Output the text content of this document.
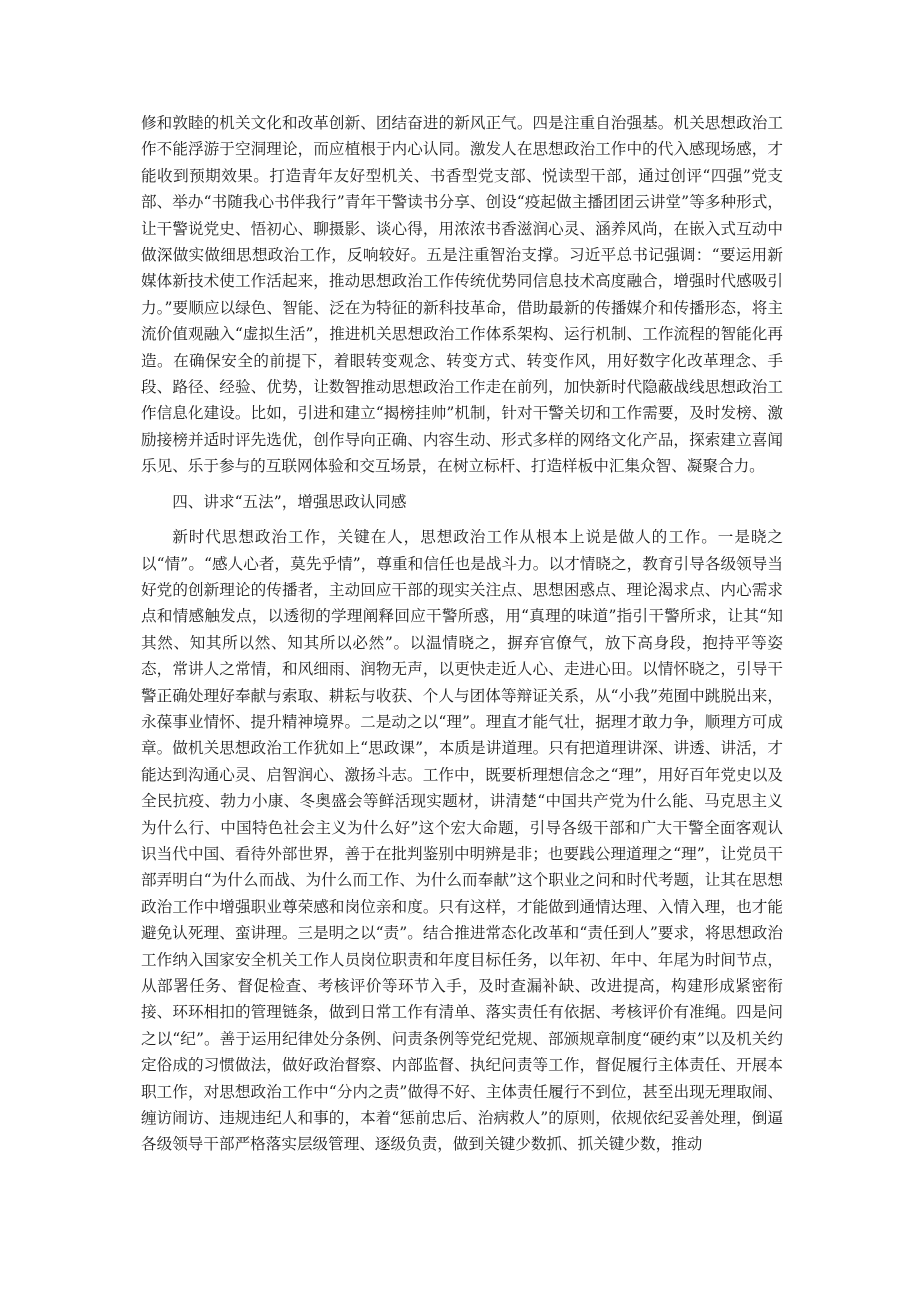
修和敦睦的机关文化和改革创新、团结奋进的新风正气。四是注重自治强基。机关思想政治工作不能浮游于空洞理论，而应植根于内心认同。激发人在思想政治工作中的代入感现场感，才能收到预期效果。打造青年友好型机关、书香型党支部、悦读型干部，通过创评“四强”党支部、举办“书随我心书伴我行”青年干警读书分享、创设“疫起做主播团团云讲堂”等多种形式，让干警说党史、悟初心、聊摄影、谈心得，用浓浓书香滋润心灵、涵养风尚，在嵌入式互动中做深做实做细思想政治工作，反响较好。五是注重智治支撑。习近平总书记强调：“要运用新媒体新技术使工作活起来，推动思想政治工作传统优势同信息技术高度融合，增强时代感吸引力。”要顺应以绿色、智能、泛在为特征的新科技革命，借助最新的传播媒介和传播形态，将主流价值观融入“虚拟生活”，推进机关思想政治工作体系架构、运行机制、工作流程的智能化再造。在确保安全的前提下，着眼转变观念、转变方式、转变作风，用好数字化改革理念、手段、路径、经验、优势，让数智推动思想政治工作走在前列，加快新时代隐蔽战线思想政治工作信息化建设。比如，引进和建立“揭榜挂帅”机制，针对干警关切和工作需要，及时发榜、激励接榜并适时评先选优，创作导向正确、内容生动、形式多样的网络文化产品，探索建立喜闻乐见、乐于参与的互联网体验和交互场景，在树立标杆、打造样板中汇集众智、凝聚合力。

四、讲求“五法”，增强思政认同感

新时代思想政治工作，关键在人，思想政治工作从根本上说是做人的工作。一是晓之以“情”。“感人心者，莫先乎情”，尊重和信任也是战斗力。以才情晓之，教育引导各级领导当好党的创新理论的传播者，主动回应干部的现实关注点、思想困惑点、理论渴求点、内心需求点和情感触发点，以透彻的学理阐释回应干警所惑，用“真理的味道”指引干警所求，让其“知其然、知其所以然、知其所以必然”。以温情晓之，摒弃官僚气，放下高身段，抱持平等姿态，常讲人之常情，和风细雨、润物无声，以更快走近人心、走进心田。以情怀晓之，引导干警正确处理好奉献与索取、耕耘与收获、个人与团体等辩证关系，从“小我”苑囿中跳脱出来，永葆事业情怀、提升精神境界。二是动之以“理”。理直才能气壮，据理才敢力争，顺理方可成章。做机关思想政治工作犹如上“思政课”，本质是讲道理。只有把道理讲深、讲透、讲活，才能达到沟通心灵、启智润心、激扬斗志。工作中，既要析理想信念之“理”，用好百年党史以及全民抗疫、勃力小康、冬奥盛会等鲜活现实题材，讲清楚“中国共产党为什么能、马克思主义为什么行、中国特色社会主义为什么好”这个宏大命题，引导各级干部和广大干警全面客观认识当代中国、看待外部世界，善于在批判鉴别中明辨是非；也要践公理道理之“理”，让党员干部弄明白“为什么而战、为什么而工作、为什么而奉献”这个职业之问和时代考题，让其在思想政治工作中增强职业尊荣感和岗位亲和度。只有这样，才能做到通情达理、入情入理，也才能避免认死理、蛮讲理。三是明之以“责”。结合推进常态化改革和“责任到人”要求，将思想政治工作纳入国家安全机关工作人员岗位职责和年度目标任务，以年初、年中、年尾为时间节点，从部署任务、督促检查、考核评价等环节入手，及时查漏补缺、改进提高，构建形成紧密衔接、环环相扣的管理链条，做到日常工作有清单、落实责任有依据、考核评价有准绳。四是问之以“纪”。善于运用纪律处分条例、问责条例等党纪党规、部颁规章制度“硬约束”以及机关约定俗成的习惯做法，做好政治督察、内部监督、执纪问责等工作，督促履行主体责任、开展本职工作，对思想政治工作中“分内之责”做得不好、主体责任履行不到位，甚至出现无理取闹、缠访闹访、违规违纪人和事的，本着“惩前忠后、治病救人”的原则，依规依纪妥善处理，倒逼各级领导干部严格落实层级管理、逐级负责，做到关键少数抓、抓关键少数，推动
